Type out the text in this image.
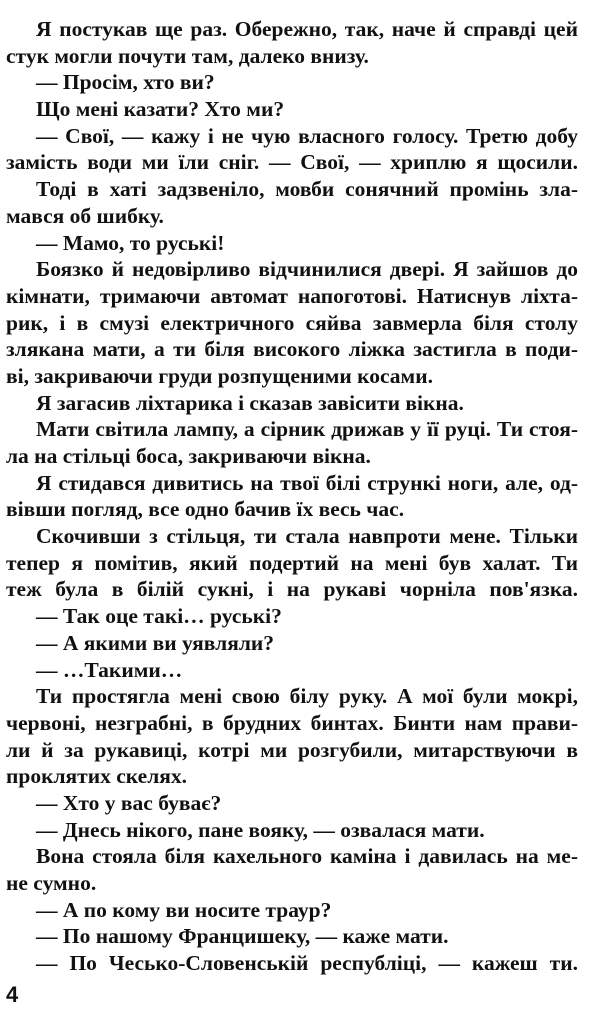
Я постукав ще раз. Обережно, так, наче й справді цей
стук могли почути там, далеко внизу.
— Просім, хто ви?
Що мені казати? Хто ми?
— Свої, — кажу і не чую власного голосу. Третю добу
замість води ми їли сніг. — Свої, — хриплю я щосили.
Тоді в хаті задзвеніло, мовби сонячний промінь зла-
мався об шибку.
— Мамо, то руські!
Боязко й недовірливо відчинилися двері. Я зайшов до
кімнати, тримаючи автомат напоготові. Натиснув ліхта-
рик, і в смузі електричного сяйва завмерла біля столу
злякана мати, а ти біля високого ліжка застигла в поди-
ві, закриваючи груди розпущеними косами.
Я загасив ліхтарика і сказав завісити вікна.
Мати світила лампу, а сірник дрижав у її руці. Ти стоя-
ла на стільці боса, закриваючи вікна.
Я стидався дивитись на твої білі стрункі ноги, але, од-
вівши погляд, все одно бачив їх весь час.
Скочивши з стільця, ти стала навпроти мене. Тільки
тепер я помітив, який подертий на мені був халат. Ти
теж була в білій сукні, і на рукаві чорніла пов'язка.
— Так оце такі… руські?
— А якими ви уявляли?
— …Такими…
Ти простягла мені свою білу руку. А мої були мокрі,
червоні, незграбні, в брудних бинтах. Бинти нам прави-
ли й за рукавиці, котрі ми розгубили, митарствуючи в
проклятих скелях.
— Хто у вас буває?
— Днесь нікого, пане вояку, — озвалася мати.
Вона стояла біля кахельного каміна і давилась на ме-
не сумно.
— А по кому ви носите траур?
— По нашому Францишеку, — каже мати.
— По Чесько-Словенській республіці, — кажеш ти.
4
